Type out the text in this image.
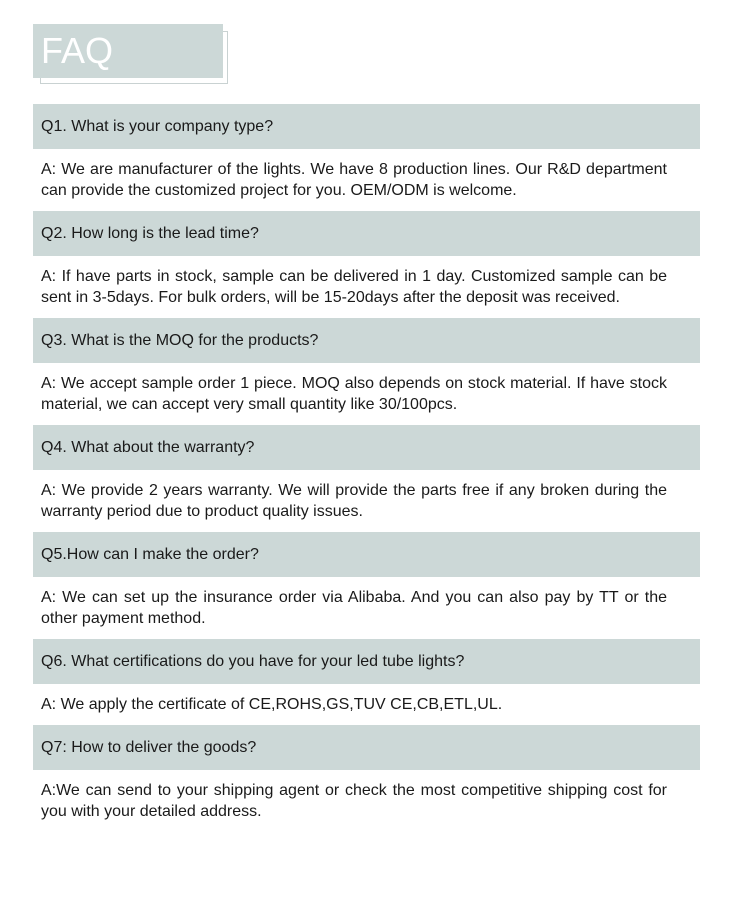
FAQ
Q1. What is your company type?
A: We are manufacturer of the lights. We have 8 production lines. Our R&D department can provide the customized project for you. OEM/ODM is welcome.
Q2. How long is the lead time?
A: If have parts in stock, sample can be delivered in 1 day. Customized sample can be sent in 3-5days. For bulk orders, will be 15-20days after the deposit was received.
Q3. What is the MOQ for the products?
A: We accept sample order 1 piece. MOQ also depends on stock material. If have stock material, we can accept very small quantity like 30/100pcs.
Q4. What about the warranty?
A: We provide 2 years warranty. We will provide the parts free if any broken during the warranty period due to product quality issues.
Q5.How can I make the order?
A: We can set up the insurance order via Alibaba. And you can also pay by TT or the other payment method.
Q6. What certifications do you have for your led tube lights?
A: We apply the certificate of CE,ROHS,GS,TUV CE,CB,ETL,UL.
Q7: How to deliver the goods?
A:We can send to your shipping agent or check the most competitive shipping cost for you with your detailed address.
